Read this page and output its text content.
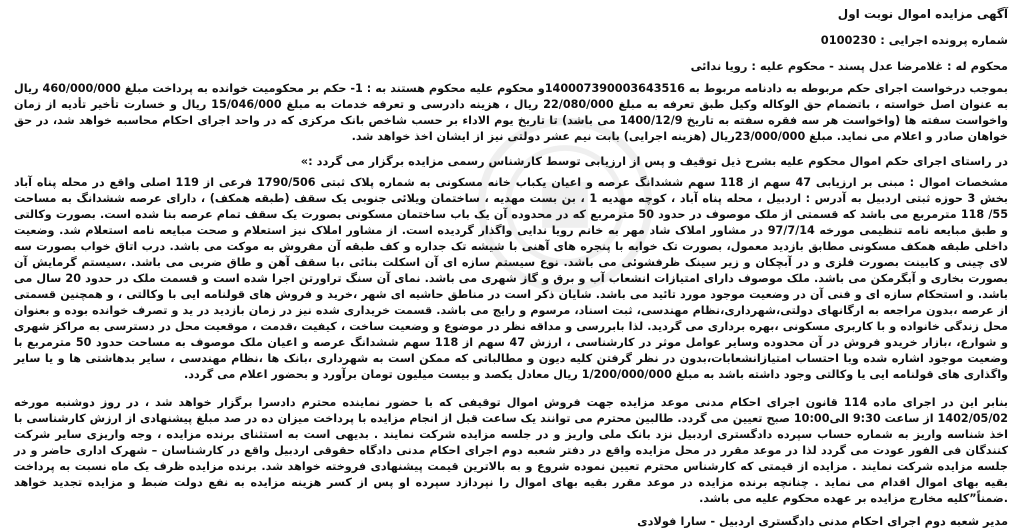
آگهی مزایده اموال نوبت اول

شماره پرونده اجرایی : 0100230

محکوم له : غلامرضا عدل پسند - محکوم علیه : رویا ندائی

بموجب درخواست اجرای حکم مربوطه به دادنامه مربوط به 140007390003643516و محکوم علیه محکوم هستند به : 1- حکم بر محکومیت خوانده به پرداخت مبلغ 460/000/000 ریال به عنوان اصل خواسته ، باتضمام حق الوکاله وکیل طبق تعرفه به مبلغ 22/080/000 ریال ، هزینه دادرسی و تعرفه خدمات به مبلغ 15/046/000 ریال و خسارت تأخیر تأدیه از زمان واخواست سفته ها (واخواست هر سه فقره سفته به تاریخ 1400/12/9 می باشد) تا تاریخ یوم الاداء بر حسب شاخص بانک مرکزی که در واحد اجرای احکام محاسبه خواهد شد، در حق خواهان صادر و اعلام می نماید. مبلغ 23/000/000ریال (هزینه اجرایی) بابت نیم عشر دولتی نیز از ایشان اخذ خواهد شد.

در راستای اجرای حکم اموال محکوم علیه بشرح ذیل توقیف و پس از ارزیابی توسط کارشناس رسمی مزایده برگزار می گردد :»

مشخصات اموال : مبنی بر ارزیابی 47 سهم از 118 سهم ششدانگ عرصه و اعیان یکباب خانه مسکونی به شماره پلاک ثبتی 1790/506 فرعی از 119 اصلی واقع در محله پناه آباد بخش 3 حوزه ثبتی اردبیل به آدرس : اردبیل ، محله پناه آباد ، کوچه مهدیه 1 ، بن بست مهدیه ، ساختمان ویلائی جنوبی یک سقف (طبقه همکف) ، دارای عرصه ششدانگ به مساحت 55/ 118 مترمربع می باشد که قسمتی از ملک موصوف در حدود 50 مترمربع که در محدوده آن یک باب ساختمان مسکونی بصورت یک سقف تمام عرصه بنا شده است. بصورت وکالتی و طبق مبایعه نامه تنظیمی مورخه 97/7/14 در مشاور املاک شاد مهر به خانم رویا ندایی واگذار گردیده است. از مشاور املاک نیز استعلام و صحت مبایعه نامه استعلام شد. وضعیت داخلی طبقه همکف مسکونی مطابق بازدید معمول، بصورت تک خوابه با پنجره های آهنی با شیشه تک جداره و کف طبقه آن مفروش به موکت می باشد. درب اتاق خواب بصورت سه لای چینی و کابینت بصورت فلزی و در آبچکان و زیر سینک ظرفشوئی می باشد. نوع سیستم سازه ای آن اسکلت بنائی ،با سقف آهن و طاق ضربی می باشد. ،سیستم گرمایش آن بصورت بخاری و آبگرمکن می باشد. ملک موصوف دارای امتیازات انشعاب آب و برق و گاز شهری می باشد. نمای آن سنگ تراورتن اجرا شده است و قسمت ملک در حدود 20 سال می باشد. و استحکام سازه ای و فنی آن در وضعیت موجود مورد تائید می باشد. شایان ذکر است در مناطق حاشیه ای شهر ،خرید و فروش های قولنامه ایی با وکالتی ، و همچنین قسمتی از عرصه ،بدون مراجعه به ارگانهای دولتی،شهرداری،نظام مهندسی، ثبت اسناد، مرسوم و رایج می باشد. قسمت خریداری شده نیز در زمان بازدید در ید و تصرف خوانده بوده و بعنوان محل زندگی خانواده و با کاربری مسکونی ،بهره برداری می گردید. لذا بابررسی و مداقه نظر در موضوع و وضعیت ساخت ، کیفیت ،قدمت ، موقعیت محل در دسترسی به مراکز شهری و شوارع، ،بازار خریدو فروش در آن محدوده وسایر عوامل موثر در کارشناسی ، ارزش 47 سهم از 118 سهم ششدانگ عرصه و اعیان ملک موصوف به مساحت حدود 50 مترمربع با وضعیت موجود اشاره شده وبا احتساب امتیازانشعابات،بدون در نظر گرفتن کلیه دیون و مطالباتی که ممکن است به شهرداری ،بانک ها ،نظام مهندسی ، سایر بدهاشتی ها و یا سایر واگذاری های قولنامه ایی یا وکالتی وجود داشته باشد به مبلغ 1/200/000/000 ریال معادل یکصد و بیست میلیون تومان برآورد و بحضور اعلام می گردد.

بنابر این در اجرای ماده 114 قانون اجرای احکام مدنی موعد مزایده جهت فروش اموال توقیفی که با حضور نماینده محترم دادسرا برگزار خواهد شد ، در روز دوشنبه مورخه 1402/05/02 از ساعت 9:30 الی10:00 صبح تعیین می گردد. طالبین محترم می توانند یک ساعت قبل از انجام مزایده با پرداخت میزان ده در صد مبلغ پیشنهادی از ارزش کارشناسی با اخذ شناسه واریز به شماره حساب سپرده دادگستری اردبیل نزد بانک ملی واریز و در جلسه مزایده شرکت نمایند . بدیهی است به استثنای برنده مزایده ، وجه واریزی سایر شرکت کنندگان فی الفور عودت می گردد لذا در موعد مقرر در محل مزایده واقع در دفتر شعبه دوم اجرای احکام مدنی دادگاه حقوقی اردبیل واقع در کارشناسان – شهرک اداری حاضر و در جلسه مزایده شرکت نمایند . مزایده از قیمتی که کارشناس محترم تعیین نموده شروع و به بالاترین قیمت پیشنهادی فروخته خواهد شد. برنده مزایده ظرف یک ماه نسبت به پرداخت بقیه بهای اموال اقدام می نماید . چنانچه برنده مزایده در موعد مقرر بقیه بهای اموال را نپردازد سپرده او پس از کسر هزینه مزایده به نفع دولت ضبط و مزایده تجدید خواهد .ضمناً”کلیه مخارج مزایده بر عهده محکوم علیه می باشد.

مدیر شعبه دوم اجرای احکام مدنی دادگستری اردبیل - سارا فولادی
